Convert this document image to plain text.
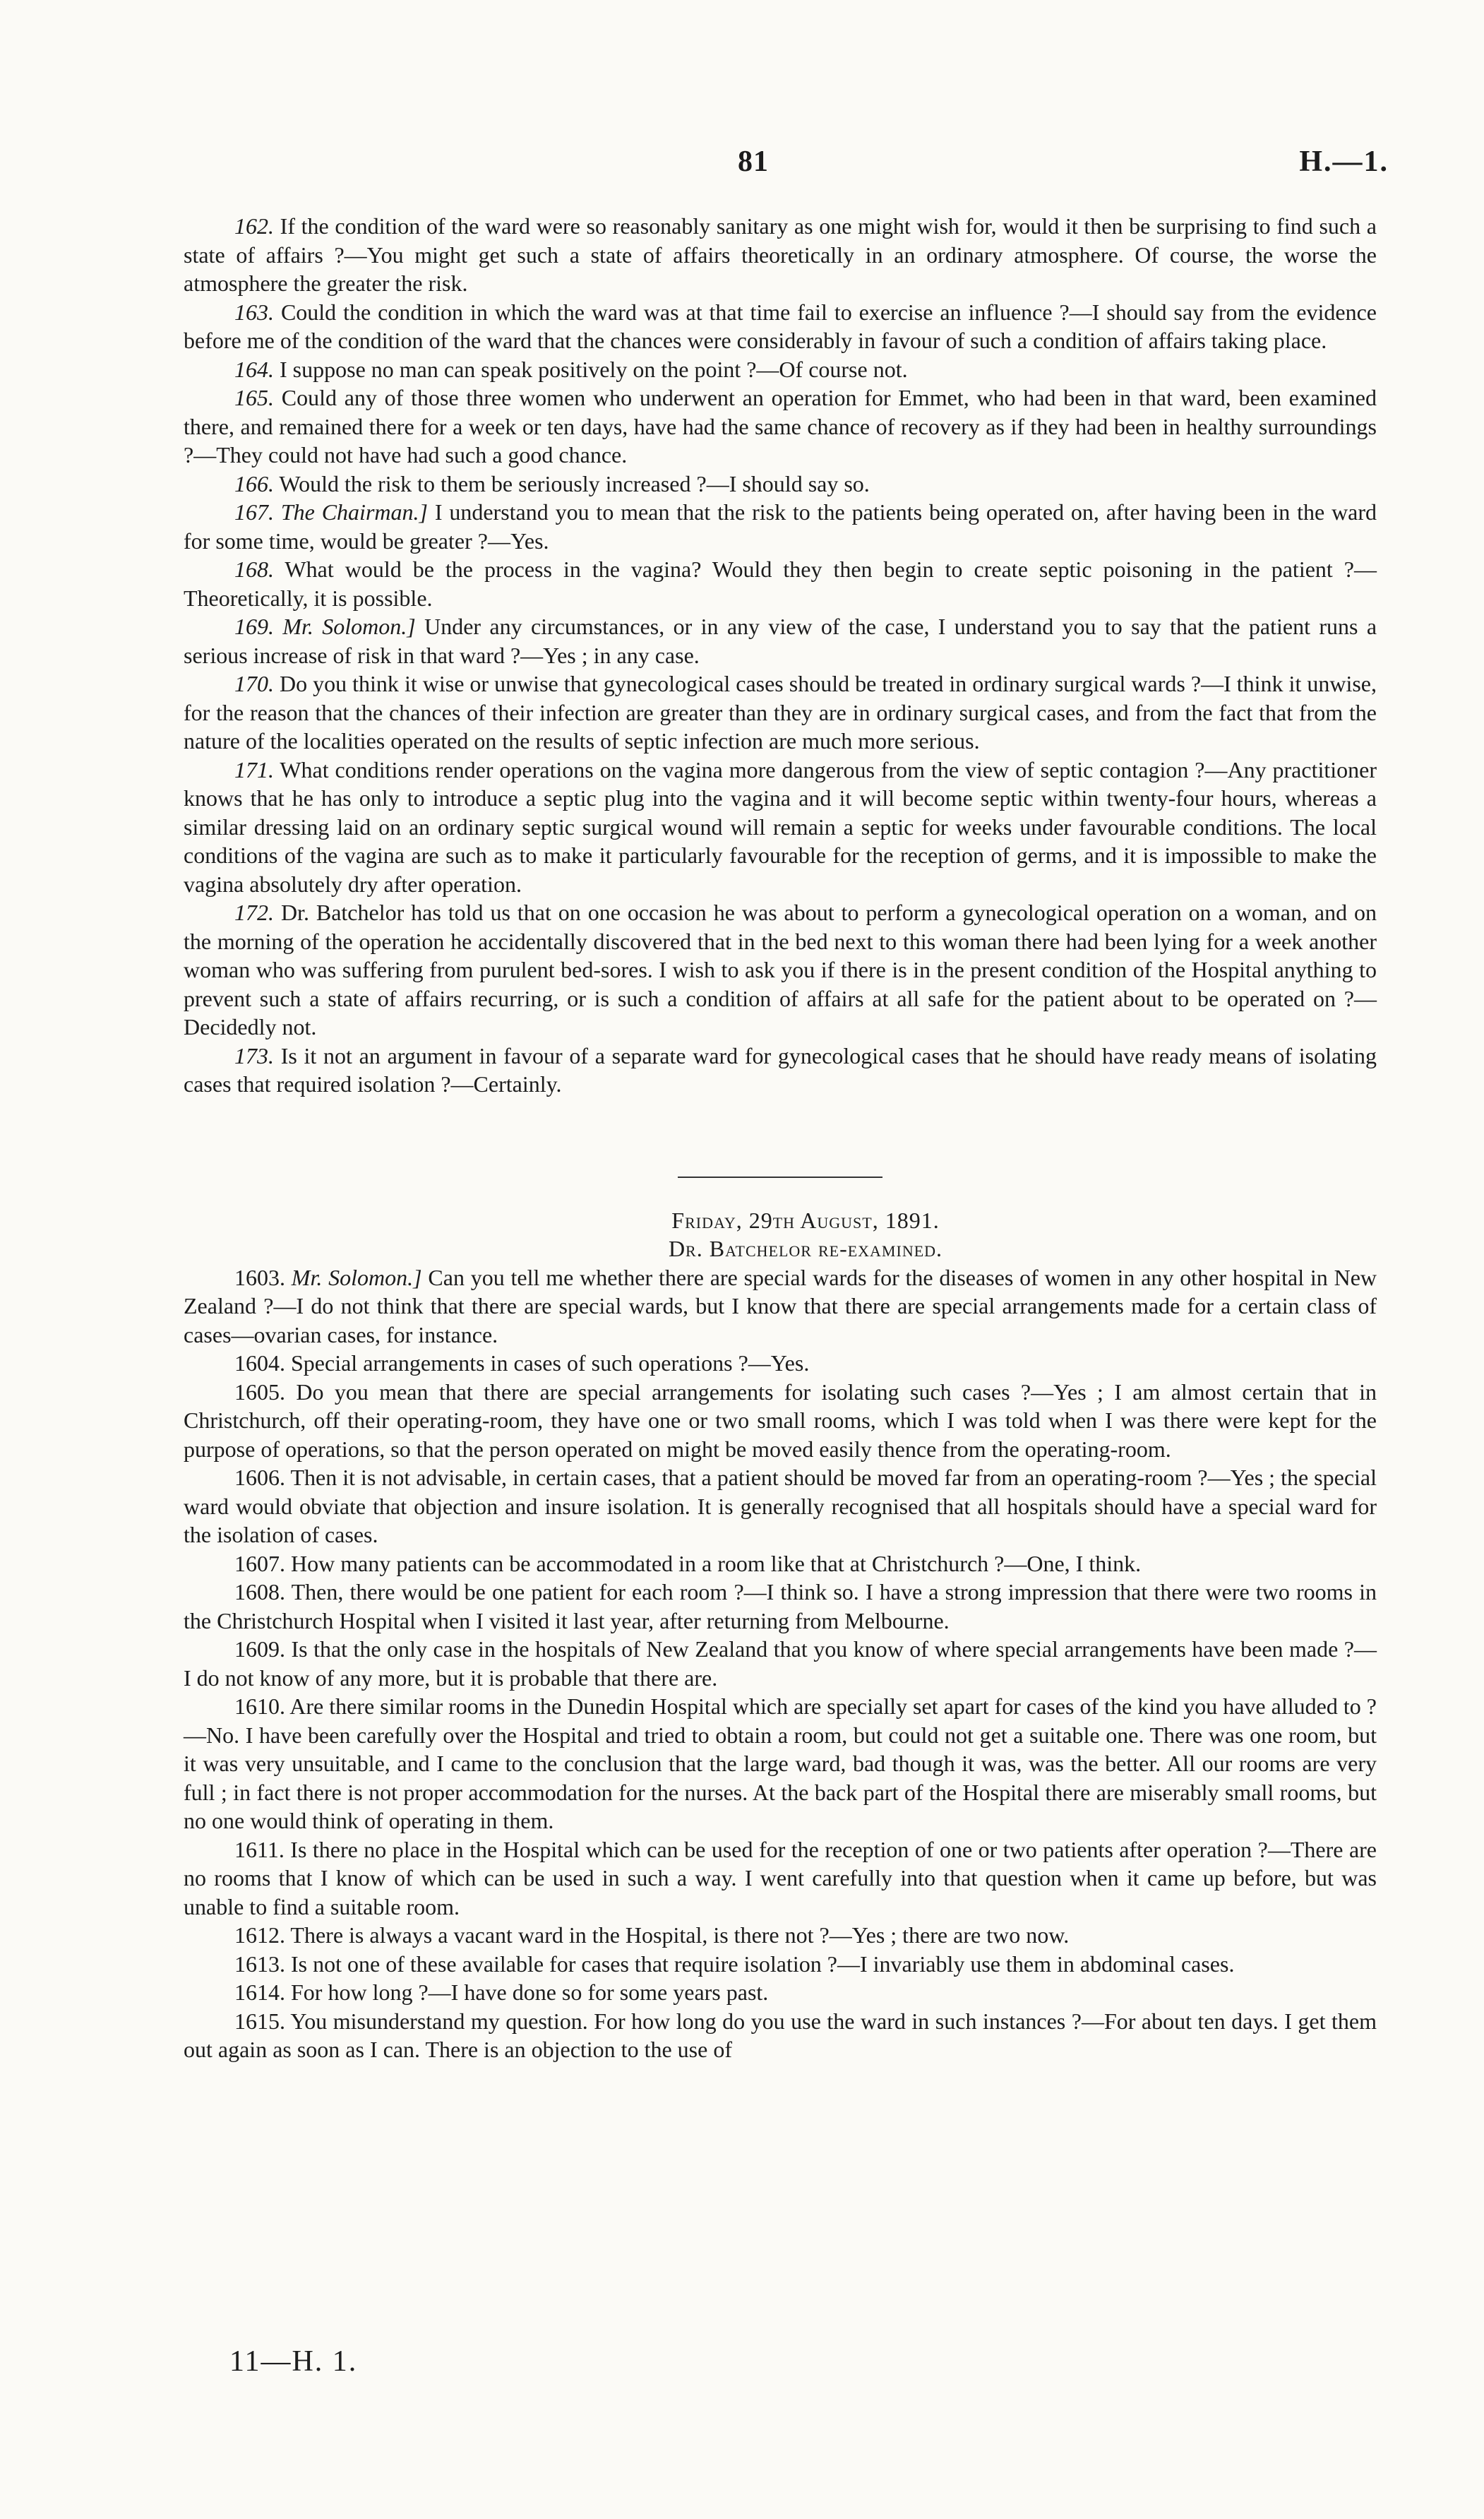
81	H.—1.

162. If the condition of the ward were so reasonably sanitary as one might wish for, would it then be surprising to find such a state of affairs ?—You might get such a state of affairs theoretically in an ordinary atmosphere. Of course, the worse the atmosphere the greater the risk.

163. Could the condition in which the ward was at that time fail to exercise an influence ?—I should say from the evidence before me of the condition of the ward that the chances were considerably in favour of such a condition of affairs taking place.

164. I suppose no man can speak positively on the point ?—Of course not.

165. Could any of those three women who underwent an operation for Emmet, who had been in that ward, been examined there, and remained there for a week or ten days, have had the same chance of recovery as if they had been in healthy surroundings ?—They could not have had such a good chance.

166. Would the risk to them be seriously increased ?—I should say so.

167. The Chairman.] I understand you to mean that the risk to the patients being operated on, after having been in the ward for some time, would be greater ?—Yes.

168. What would be the process in the vagina? Would they then begin to create septic poisoning in the patient ?—Theoretically, it is possible.

169. Mr. Solomon.] Under any circumstances, or in any view of the case, I understand you to say that the patient runs a serious increase of risk in that ward ?—Yes ; in any case.

170. Do you think it wise or unwise that gynecological cases should be treated in ordinary surgical wards ?—I think it unwise, for the reason that the chances of their infection are greater than they are in ordinary surgical cases, and from the fact that from the nature of the localities operated on the results of septic infection are much more serious.

171. What conditions render operations on the vagina more dangerous from the view of septic contagion ?—Any practitioner knows that he has only to introduce a septic plug into the vagina and it will become septic within twenty-four hours, whereas a similar dressing laid on an ordinary septic surgical wound will remain a septic for weeks under favourable conditions. The local conditions of the vagina are such as to make it particularly favourable for the reception of germs, and it is impossible to make the vagina absolutely dry after operation.

172. Dr. Batchelor has told us that on one occasion he was about to perform a gynecological operation on a woman, and on the morning of the operation he accidentally discovered that in the bed next to this woman there had been lying for a week another woman who was suffering from purulent bed-sores. I wish to ask you if there is in the present condition of the Hospital anything to prevent such a state of affairs recurring, or is such a condition of affairs at all safe for the patient about to be operated on ?—Decidedly not.

173. Is it not an argument in favour of a separate ward for gynecological cases that he should have ready means of isolating cases that required isolation ?—Certainly.

Friday, 29th August, 1891.

Dr. Batchelor re-examined.

1603. Mr. Solomon.] Can you tell me whether there are special wards for the diseases of women in any other hospital in New Zealand ?—I do not think that there are special wards, but I know that there are special arrangements made for a certain class of cases—ovarian cases, for instance.

1604. Special arrangements in cases of such operations ?—Yes.

1605. Do you mean that there are special arrangements for isolating such cases ?—Yes ; I am almost certain that in Christchurch, off their operating-room, they have one or two small rooms, which I was told when I was there were kept for the purpose of operations, so that the person operated on might be moved easily thence from the operating-room.

1606. Then it is not advisable, in certain cases, that a patient should be moved far from an operating-room ?—Yes ; the special ward would obviate that objection and insure isolation. It is generally recognised that all hospitals should have a special ward for the isolation of cases.

1607. How many patients can be accommodated in a room like that at Christchurch ?—One, I think.

1608. Then, there would be one patient for each room ?—I think so. I have a strong impression that there were two rooms in the Christchurch Hospital when I visited it last year, after returning from Melbourne.

1609. Is that the only case in the hospitals of New Zealand that you know of where special arrangements have been made ?—I do not know of any more, but it is probable that there are.

1610. Are there similar rooms in the Dunedin Hospital which are specially set apart for cases of the kind you have alluded to ?—No. I have been carefully over the Hospital and tried to obtain a room, but could not get a suitable one. There was one room, but it was very unsuitable, and I came to the conclusion that the large ward, bad though it was, was the better. All our rooms are very full ; in fact there is not proper accommodation for the nurses. At the back part of the Hospital there are miserably small rooms, but no one would think of operating in them.

1611. Is there no place in the Hospital which can be used for the reception of one or two patients after operation ?—There are no rooms that I know of which can be used in such a way. I went carefully into that question when it came up before, but was unable to find a suitable room.

1612. There is always a vacant ward in the Hospital, is there not ?—Yes ; there are two now.

1613. Is not one of these available for cases that require isolation ?—I invariably use them in abdominal cases.

1614. For how long ?—I have done so for some years past.

1615. You misunderstand my question. For how long do you use the ward in such instances ?—For about ten days. I get them out again as soon as I can. There is an objection to the use of

11—H. 1.
